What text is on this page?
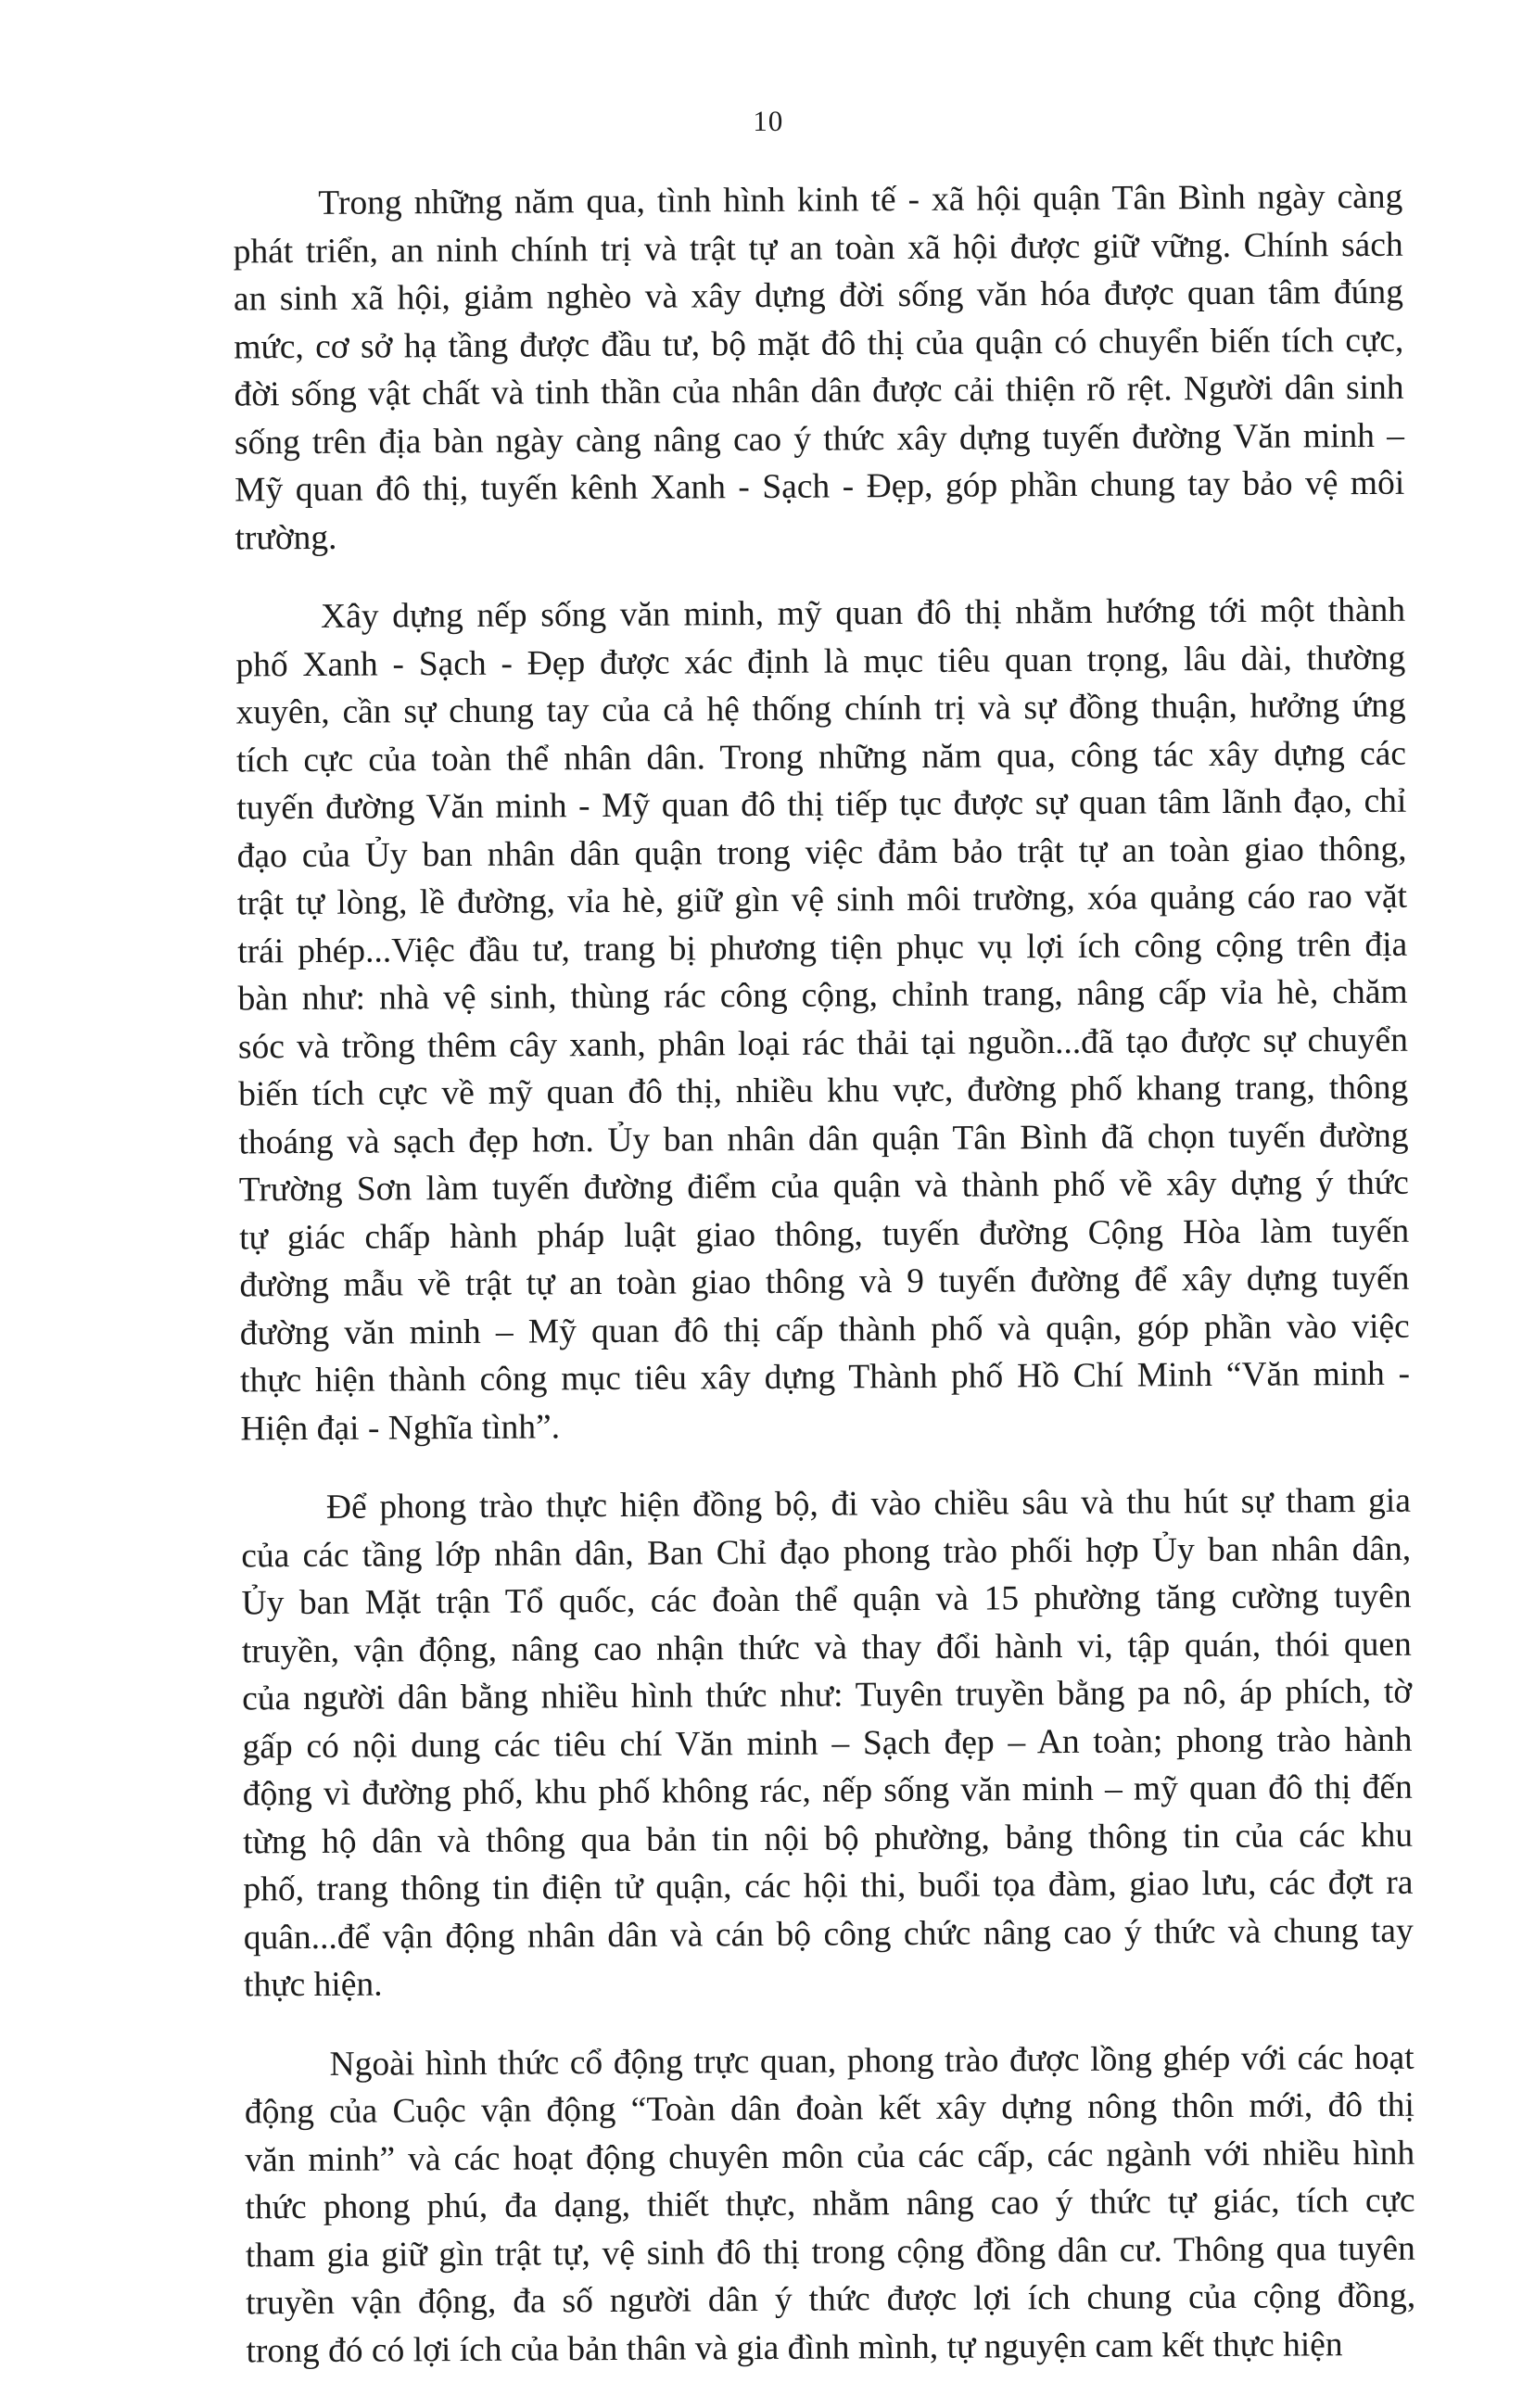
10
Trong những năm qua, tình hình kinh tế - xã hội quận Tân Bình ngày càng
phát triển, an ninh chính trị và trật tự an toàn xã hội được giữ vững. Chính sách
an sinh xã hội, giảm nghèo và xây dựng đời sống văn hóa được quan tâm đúng
mức, cơ sở hạ tầng được đầu tư, bộ mặt đô thị của quận có chuyển biến tích cực,
đời sống vật chất và tinh thần của nhân dân được cải thiện rõ rệt. Người dân sinh
sống trên địa bàn ngày càng nâng cao ý thức xây dựng tuyến đường Văn minh –
Mỹ quan đô thị, tuyến kênh Xanh - Sạch - Đẹp, góp phần chung tay bảo vệ môi
trường.
Xây dựng nếp sống văn minh, mỹ quan đô thị nhằm hướng tới một thành
phố Xanh - Sạch - Đẹp được xác định là mục tiêu quan trọng, lâu dài, thường
xuyên, cần sự chung tay của cả hệ thống chính trị và sự đồng thuận, hưởng ứng
tích cực của toàn thể nhân dân. Trong những năm qua, công tác xây dựng các
tuyến đường Văn minh - Mỹ quan đô thị tiếp tục được sự quan tâm lãnh đạo, chỉ
đạo của Ủy ban nhân dân quận trong việc đảm bảo trật tự an toàn giao thông,
trật tự lòng, lề đường, vỉa hè, giữ gìn vệ sinh môi trường, xóa quảng cáo rao vặt
trái phép...Việc đầu tư, trang bị phương tiện phục vụ lợi ích công cộng trên địa
bàn như: nhà vệ sinh, thùng rác công cộng, chỉnh trang, nâng cấp vỉa hè, chăm
sóc và trồng thêm cây xanh, phân loại rác thải tại nguồn...đã tạo được sự chuyển
biến tích cực về mỹ quan đô thị, nhiều khu vực, đường phố khang trang, thông
thoáng và sạch đẹp hơn. Ủy ban nhân dân quận Tân Bình đã chọn tuyến đường
Trường Sơn làm tuyến đường điểm của quận và thành phố về xây dựng ý thức
tự giác chấp hành pháp luật giao thông, tuyến đường Cộng Hòa làm tuyến
đường mẫu về trật tự an toàn giao thông và 9 tuyến đường để xây dựng tuyến
đường văn minh – Mỹ quan đô thị cấp thành phố và quận, góp phần vào việc
thực hiện thành công mục tiêu xây dựng Thành phố Hồ Chí Minh “Văn minh -
Hiện đại - Nghĩa tình”.
Để phong trào thực hiện đồng bộ, đi vào chiều sâu và thu hút sự tham gia
của các tầng lớp nhân dân, Ban Chỉ đạo phong trào phối hợp Ủy ban nhân dân,
Ủy ban Mặt trận Tổ quốc, các đoàn thể quận và 15 phường tăng cường tuyên
truyền, vận động, nâng cao nhận thức và thay đổi hành vi, tập quán, thói quen
của người dân bằng nhiều hình thức như: Tuyên truyền bằng pa nô, áp phích, tờ
gấp có nội dung các tiêu chí Văn minh – Sạch đẹp – An toàn; phong trào hành
động vì đường phố, khu phố không rác, nếp sống văn minh – mỹ quan đô thị đến
từng hộ dân và thông qua bản tin nội bộ phường, bảng thông tin của các khu
phố, trang thông tin điện tử quận, các hội thi, buổi tọa đàm, giao lưu, các đợt ra
quân...để vận động nhân dân và cán bộ công chức nâng cao ý thức và chung tay
thực hiện.
Ngoài hình thức cổ động trực quan, phong trào được lồng ghép với các hoạt
động của Cuộc vận động “Toàn dân đoàn kết xây dựng nông thôn mới, đô thị
văn minh” và các hoạt động chuyên môn của các cấp, các ngành với nhiều hình
thức phong phú, đa dạng, thiết thực, nhằm nâng cao ý thức tự giác, tích cực
tham gia giữ gìn trật tự, vệ sinh đô thị trong cộng đồng dân cư. Thông qua tuyên
truyền vận động, đa số người dân ý thức được lợi ích chung của cộng đồng,
trong đó có lợi ích của bản thân và gia đình mình, tự nguyện cam kết thực hiện
